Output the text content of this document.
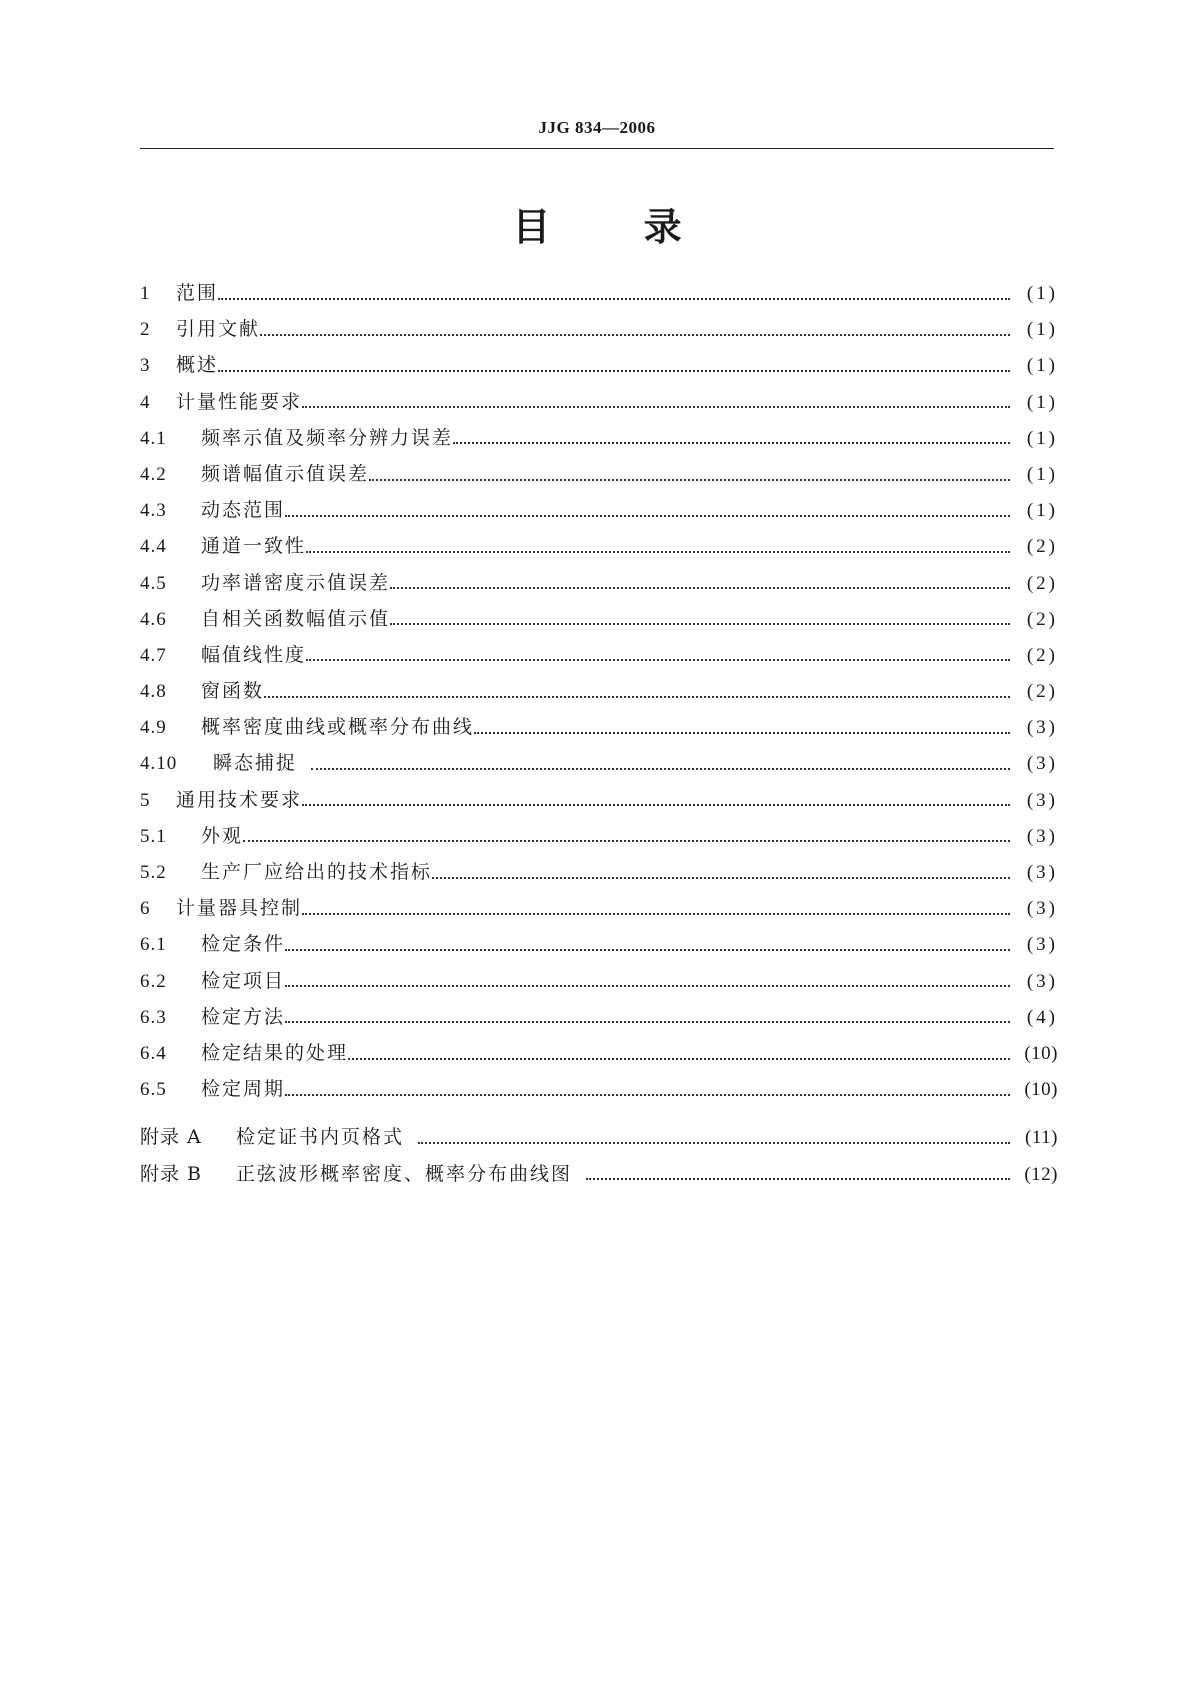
JJG 834—2006
目 录
1	范围	(1)
2	引用文献	(1)
3	概述	(1)
4	计量性能要求	(1)
4.1	频率示值及频率分辨力误差	(1)
4.2	频谱幅值示值误差	(1)
4.3	动态范围	(1)
4.4	通道一致性	(2)
4.5	功率谱密度示值误差	(2)
4.6	自相关函数幅值示值	(2)
4.7	幅值线性度	(2)
4.8	窗函数	(2)
4.9	概率密度曲线或概率分布曲线	(3)
4.10	瞬态捕捉	(3)
5	通用技术要求	(3)
5.1	外观	(3)
5.2	生产厂应给出的技术指标	(3)
6	计量器具控制	(3)
6.1	检定条件	(3)
6.2	检定项目	(3)
6.3	检定方法	(4)
6.4	检定结果的处理	(10)
6.5	检定周期	(10)
附录 A	检定证书内页格式	(11)
附录 B	正弦波形概率密度、概率分布曲线图	(12)
